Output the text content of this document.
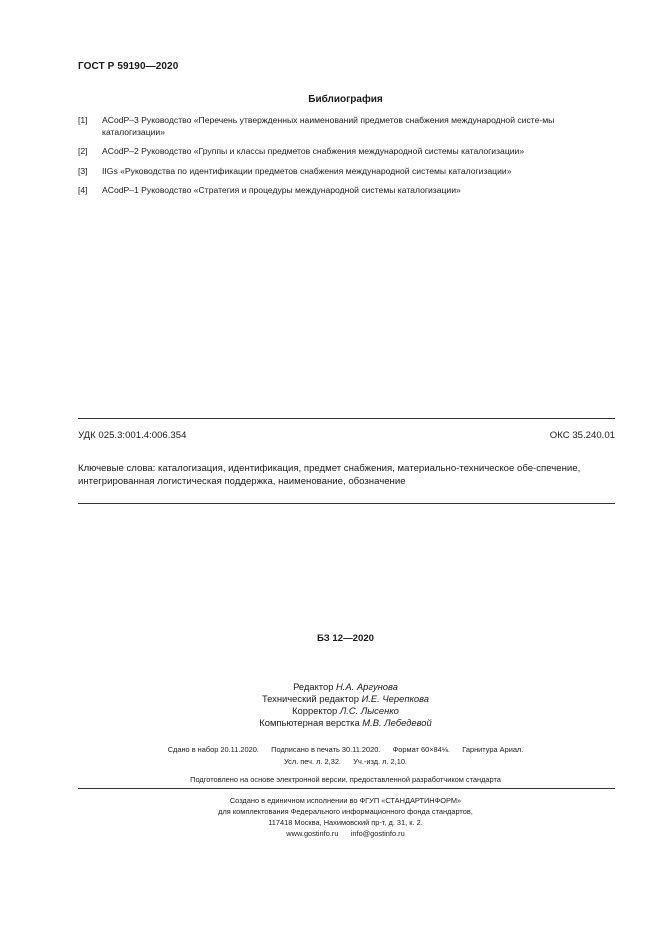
ГОСТ Р 59190—2020
Библиография
[1]	ACodP–3 Руководство «Перечень утвержденных наименований предметов снабжения международной систе-мы каталогизации»
[2]	ACodP–2 Руководство «Группы и классы предметов снабжения международной системы каталогизации»
[3]	IIGs «Руководства по идентификации предметов снабжения международной системы каталогизации»
[4]	ACodP–1 Руководство «Стратегия и процедуры международной системы каталогизации»
УДК 025.3:001.4:006.354	ОКС 35.240.01
Ключевые слова: каталогизация, идентификация, предмет снабжения, материально-техническое обе-спечение, интегрированная логистическая поддержка, наименование, обозначение
БЗ 12—2020
Редактор Н.А. Аргунова
Технический редактор И.Е. Черепкова
Корректор Л.С. Лысенко
Компьютерная верстка М.В. Лебедевой
Сдано в набор 20.11.2020.      Подписано в печать 30.11.2020.      Формат 60×84⅛.      Гарнитура Ариал.
Усл. печ. л. 2,32.      Уч.-изд. л. 2,10.
Подготовлено на основе электронной версии, предоставленной разработчиком стандарта
Создано в единичном исполнении во ФГУП «СТАНДАРТИНФОРМ»
для комплектования Федерального информационного фонда стандартов,
117418 Москва, Нахимовский пр-т, д. 31, к. 2.
www.gostinfo.ru      info@gostinfo.ru
